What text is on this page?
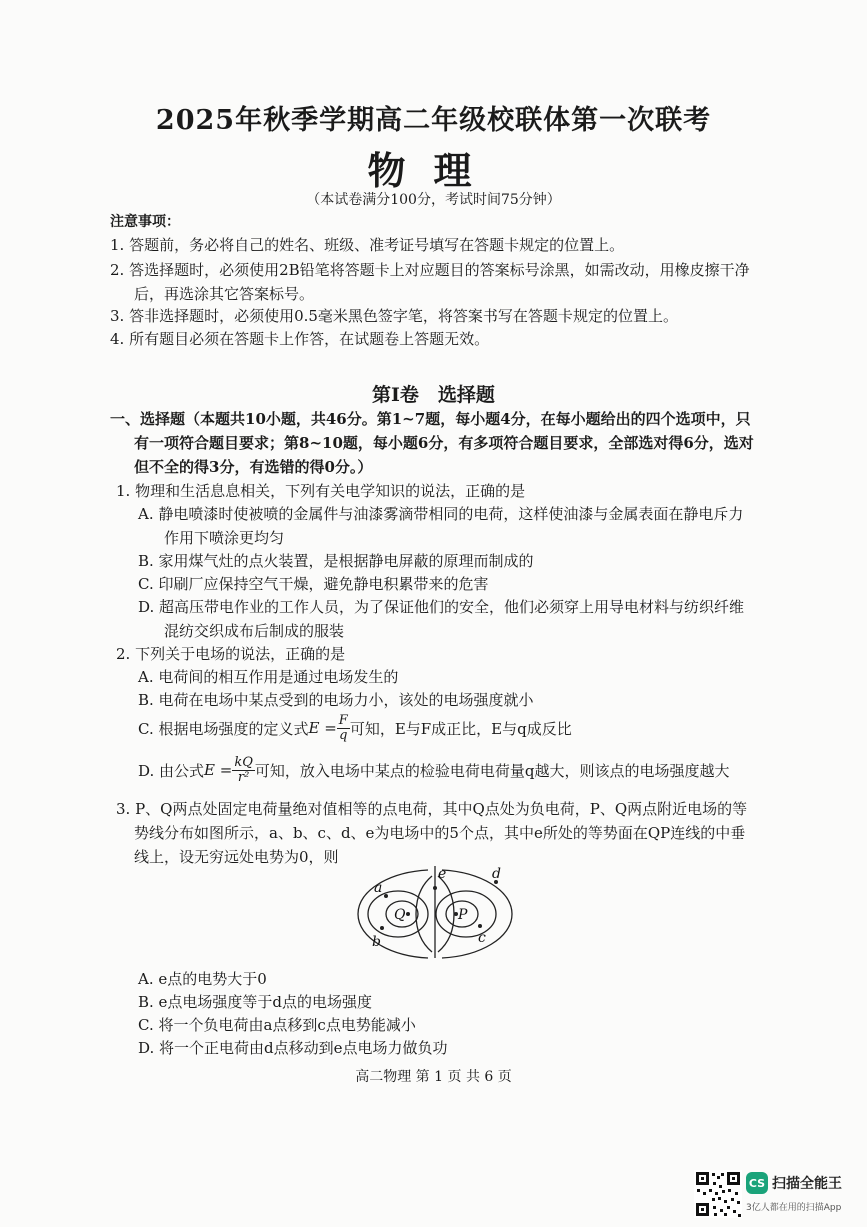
2025年秋季学期高二年级校联体第一次联考
物理
（本试卷满分100分，考试时间75分钟）
注意事项：
1. 答题前，务必将自己的姓名、班级、准考证号填写在答题卡规定的位置上。
2. 答选择题时，必须使用2B铅笔将答题卡上对应题目的答案标号涂黑，如需改动，用橡皮擦干净
后，再选涂其它答案标号。
3. 答非选择题时，必须使用0.5毫米黑色签字笔，将答案书写在答题卡规定的位置上。
4. 所有题目必须在答题卡上作答，在试题卷上答题无效。
第Ⅰ卷　选择题
一、选择题（本题共10小题，共46分。第1~7题，每小题4分，在每小题给出的四个选项中，只
有一项符合题目要求；第8~10题，每小题6分，有多项符合题目要求，全部选对得6分，选对
但不全的得3分，有选错的得0分。）
1. 物理和生活息息相关，下列有关电学知识的说法，正确的是
A. 静电喷漆时使被喷的金属件与油漆雾滴带相同的电荷，这样使油漆与金属表面在静电斥力
作用下喷涂更均匀
B. 家用煤气灶的点火装置，是根据静电屏蔽的原理而制成的
C. 印刷厂应保持空气干燥，避免静电积累带来的危害
D. 超高压带电作业的工作人员，为了保证他们的安全，他们必须穿上用导电材料与纺织纤维
混纺交织成布后制成的服装
2. 下列关于电场的说法，正确的是
A. 电荷间的相互作用是通过电场发生的
B. 电荷在电场中某点受到的电场力小，该处的电场强度就小
C. 根据电场强度的定义式 $E = \frac{F}{q}$ 可知，E与F成正比，E与q成反比
D. 由公式 $E = \frac{kQ}{\text{r²}}$ 可知，放入电场中某点的检验电荷电荷量q越大，则该点的电场强度越大
3. P、Q两点处固定电荷量绝对值相等的点电荷，其中Q点处为负电荷，P、Q两点附近电场的等
势线分布如图所示，a、b、c、d、e为电场中的5个点，其中e所处的等势面在QP连线的中垂
线上，设无穷远处电势为0，则
a
b	c
d
e
Q	P
A. e点的电势大于0
B. e点电场强度等于d点的电场强度
C. 将一个负电荷由a点移到c点电势能减小
D. 将一个正电荷由d点移动到e点电场力做负功
高二物理 第 1 页 共 6 页
CS 扫描全能王
3亿人都在用的扫描App
